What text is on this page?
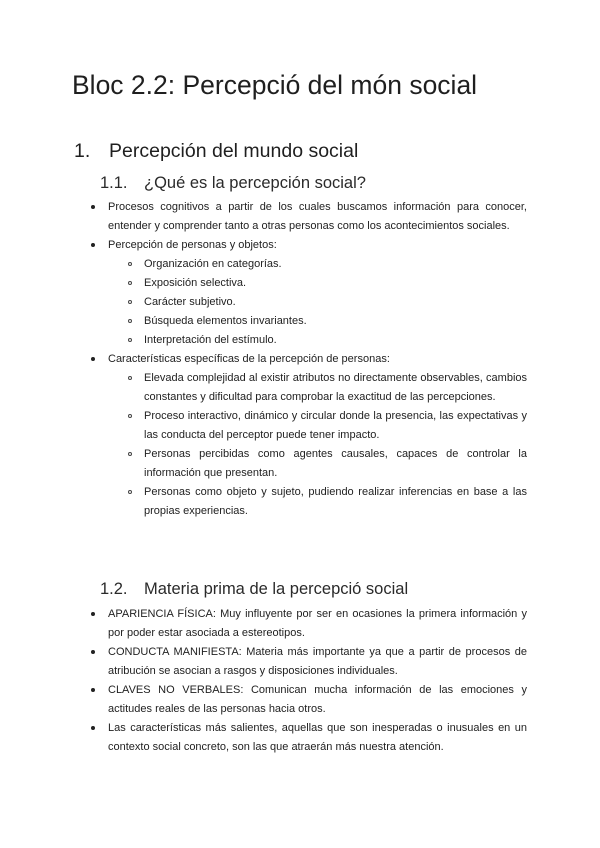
Bloc 2.2: Percepció del món social
1. Percepción del mundo social
1.1. ¿Qué es la percepción social?
Procesos cognitivos a partir de los cuales buscamos información para conocer, entender y comprender tanto a otras personas como los acontecimientos sociales.
Percepción de personas y objetos:
Organización en categorías.
Exposición selectiva.
Carácter subjetivo.
Búsqueda elementos invariantes.
Interpretación del estímulo.
Características específicas de la percepción de personas:
Elevada complejidad al existir atributos no directamente observables, cambios constantes y dificultad para comprobar la exactitud de las percepciones.
Proceso interactivo, dinámico y circular donde la presencia, las expectativas y las conducta del perceptor puede tener impacto.
Personas percibidas como agentes causales, capaces de controlar la información que presentan.
Personas como objeto y sujeto, pudiendo realizar inferencias en base a las propias experiencias.
1.2. Materia prima de la percepció social
APARIENCIA FÍSICA: Muy influyente por ser en ocasiones la primera información y por poder estar asociada a estereotipos.
CONDUCTA MANIFIESTA: Materia más importante ya que a partir de procesos de atribución se asocian a rasgos y disposiciones individuales.
CLAVES NO VERBALES: Comunican mucha información de las emociones y actitudes reales de las personas hacia otros.
Las características más salientes, aquellas que son inesperadas o inusuales en un contexto social concreto, son las que atraerán más nuestra atención.
